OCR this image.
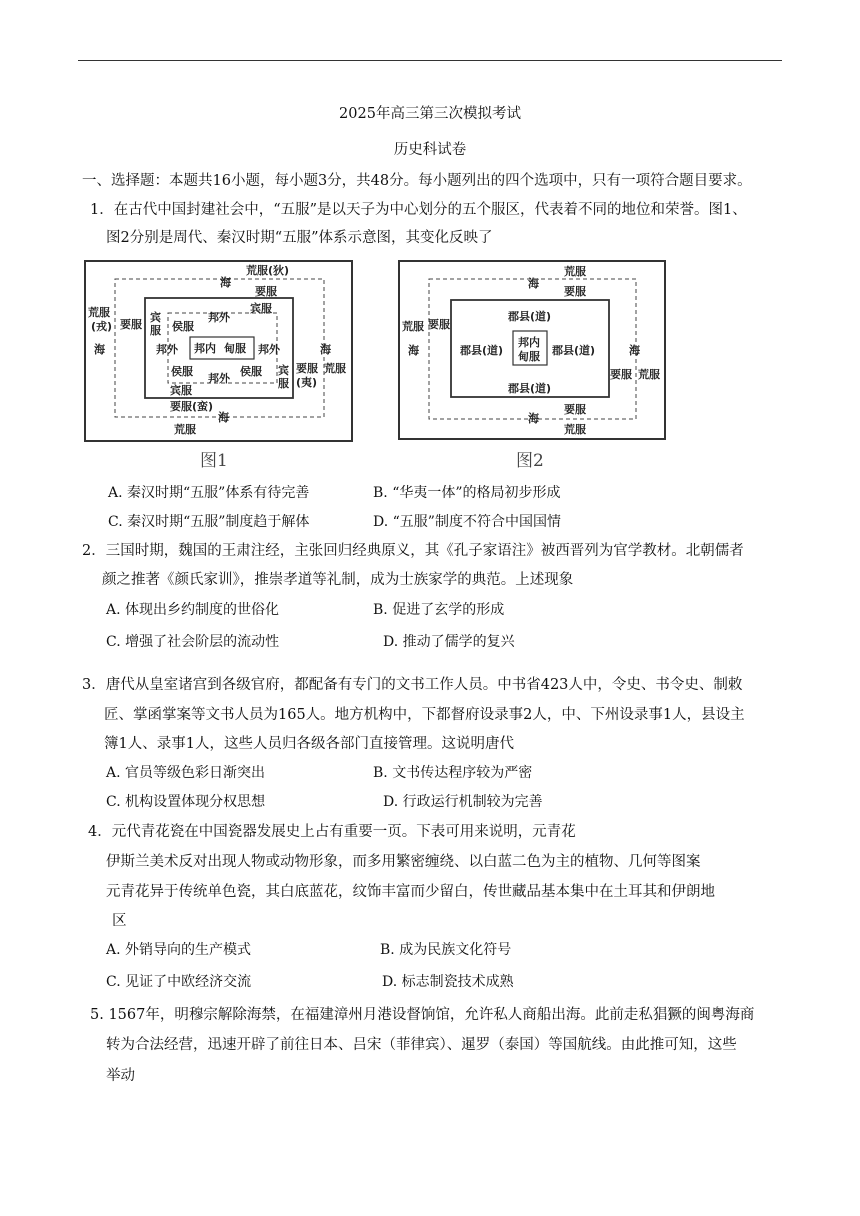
2025年高三第三次模拟考试
历史科试卷
一、选择题：本题共16小题，每小题3分，共48分。每小题列出的四个选项中，只有一项符合题目要求。
1．在古代中国封建社会中，“五服”是以天子为中心划分的五个服区，代表着不同的地位和荣誉。图1、
图2分别是周代、秦汉时期“五服”体系示意图，其变化反映了
荒服(狄)
海
要服
荒服
(戎) 要服
海
宾
服 侯服
邦外
宾服
邦外 邦内 甸服 邦外
侯服
邦外
侯服 宾
服
宾服
海
要服
(夷)
荒服
要服(蛮)
海
荒服
图1
荒服
海
要服
荒服 要服
海
郡县(道)
郡县(道)
邦内
甸服 郡县(道)
郡县(道)
海
要服 荒服
海
要服
荒服
图2
A. 秦汉时期“五服”体系有待完善	B. “华夷一体”的格局初步形成
C. 秦汉时期“五服”制度趋于解体	D. “五服”制度不符合中国国情
2．三国时期，魏国的王肃注经，主张回归经典原义，其《孔子家语注》被西晋列为官学教材。北朝儒者
颜之推著《颜氏家训》，推崇孝道等礼制，成为士族家学的典范。上述现象
A. 体现出乡约制度的世俗化	B. 促进了玄学的形成
C. 增强了社会阶层的流动性	D. 推动了儒学的复兴
3．唐代从皇室诸宫到各级官府，都配备有专门的文书工作人员。中书省423人中，令史、书令史、制敕
匠、掌函掌案等文书人员为165人。地方机构中，下都督府设录事2人，中、下州设录事1人，县设主
簿1人、录事1人，这些人员归各级各部门直接管理。这说明唐代
A. 官员等级色彩日渐突出	B. 文书传达程序较为严密
C. 机构设置体现分权思想	D. 行政运行机制较为完善
4．元代青花瓷在中国瓷器发展史上占有重要一页。下表可用来说明，元青花
伊斯兰美术反对出现人物或动物形象，而多用繁密缠绕、以白蓝二色为主的植物、几何等图案
元青花异于传统单色瓷，其白底蓝花，纹饰丰富而少留白，传世藏品基本集中在土耳其和伊朗地
区
A. 外销导向的生产模式	B. 成为民族文化符号
C. 见证了中欧经济交流	D. 标志制瓷技术成熟
5. 1567年，明穆宗解除海禁，在福建漳州月港设督饷馆，允许私人商船出海。此前走私猖獗的闽粤海商
转为合法经营，迅速开辟了前往日本、吕宋（菲律宾）、暹罗（泰国）等国航线。由此推可知，这些
举动
